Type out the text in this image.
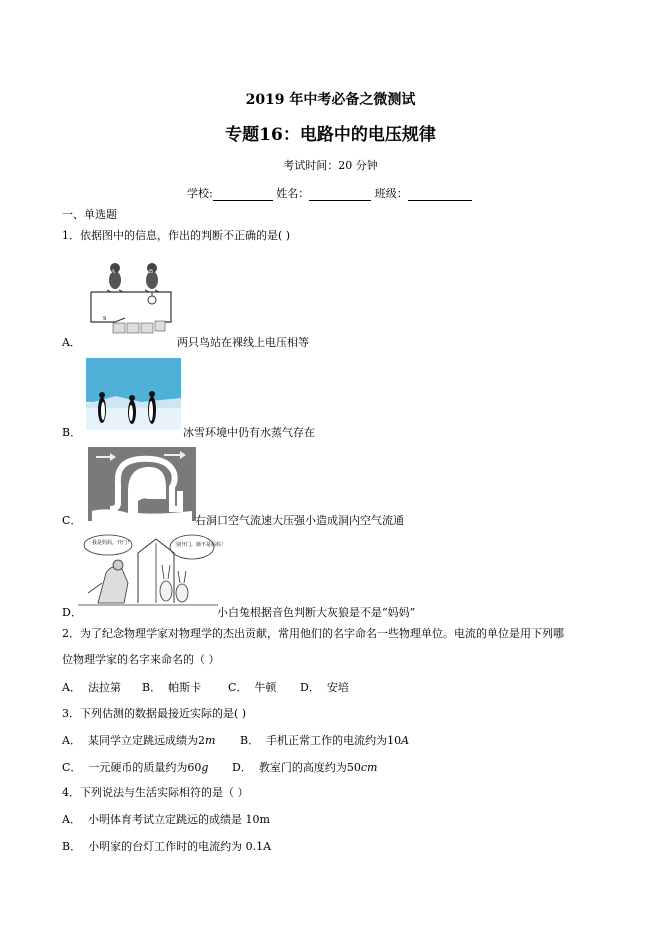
2019 年中考必备之微测试
专题16：电路中的电压规律
考试时间：20 分钟
学校:	姓名：	班级：
一、单选题
1．依据图中的信息，作出的判断不正确的是( )
S
A	B
A．	两只鸟站在裸线上电压相等
B．	冰雪环境中仍有水蒸气存在
C．	右洞口空气流速大压强小造成洞内空气流通
我是妈妈，开门！	别开门，她不是妈妈！
D．	小白兔根据音色判断大灰狼是不是“妈妈”
2．为了纪念物理学家对物理学的杰出贡献，常用他们的名字命名一些物理单位。电流的单位是用下列哪
位物理学家的名字来命名的（ ）
A． 法拉第 B． 帕斯卡 C． 牛顿 D． 安培
3．下列估测的数据最接近实际的是( )
A． 某同学立定跳远成绩为2m B． 手机正常工作的电流约为10A
C． 一元硬币的质量约为60g D． 教室门的高度约为50cm
4．下列说法与生活实际相符的是（ ）
A． 小明体育考试立定跳远的成绩是 10m
B． 小明家的台灯工作时的电流约为 0.1A
